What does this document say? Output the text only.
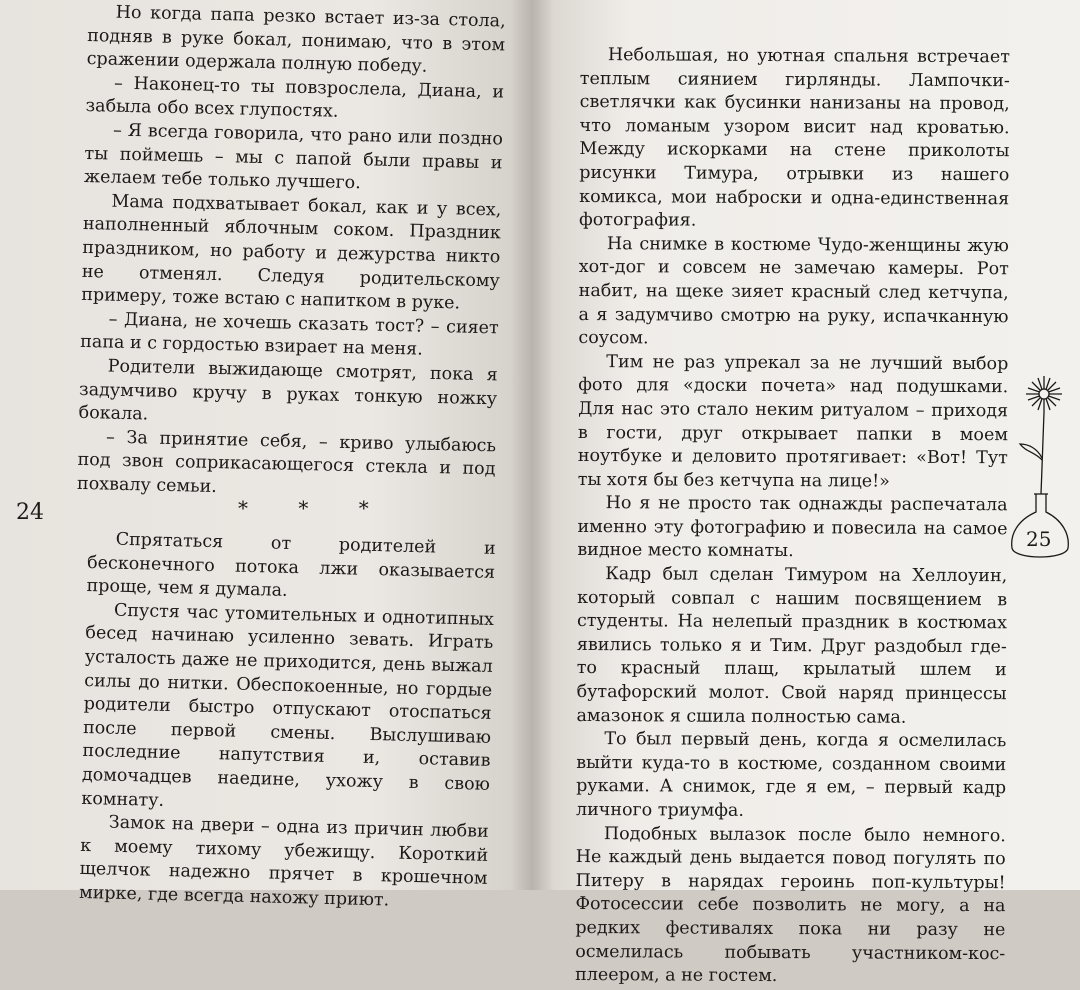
Но когда папа резко встает из-за стола, подняв в руке бокал, понимаю, что в этом сражении одержала полную победу.

– Наконец-то ты повзрослела, Диана, и забыла обо всех глупостях.

– Я всегда говорила, что рано или поздно ты поймешь – мы с папой были правы и желаем тебе только лучшего.

Мама подхватывает бокал, как и у всех, наполненный яблочным соком. Праздник праздником, но работу и дежурства никто не отменял. Следуя родительскому примеру, тоже встаю с напитком в руке.

– Диана, не хочешь сказать тост? – сияет папа и с гордостью взирает на меня.

Родители выжидающе смотрят, пока я задумчиво кручу в руках тонкую ножку бокала.

– За принятие себя, – криво улыбаюсь под звон соприкасающегося стекла и под похвалу семьи.

* * *
24

Спрятаться от родителей и бесконечного потока лжи оказывается проще, чем я думала.

Спустя час утомительных и однотипных бесед начинаю усиленно зевать. Играть усталость даже не приходится, день выжал силы до нитки. Обеспокоенные, но гордые родители быстро отпускают отоспаться после первой смены. Выслушиваю последние напутствия и, оставив домочадцев наедине, ухожу в свою комнату.

Замок на двери – одна из причин любви к моему тихому убежищу. Короткий щелчок надежно прячет в крошечном мирке, где всегда нахожу приют.

Небольшая, но уютная спальня встречает теплым сиянием гирлянды. Лампочки-светлячки как бусинки нанизаны на провод, что ломаным узором висит над кроватью. Между искорками на стене приколоты рисунки Тимура, отрывки из нашего комикса, мои наброски и одна-единственная фотография.

На снимке в костюме Чудо-женщины жую хот-дог и совсем не замечаю камеры. Рот набит, на щеке зияет красный след кетчупа, а я задумчиво смотрю на руку, испачканную соусом.

Тим не раз упрекал за не лучший выбор фото для «доски почета» над подушками. Для нас это стало неким ритуалом – приходя в гости, друг открывает папки в моем ноутбуке и деловито протягивает: «Вот! Тут ты хотя бы без кетчупа на лице!»

Но я не просто так однажды распечатала именно эту фотографию и повесила на самое видное место комнаты.

Кадр был сделан Тимуром на Хеллоуин, который совпал с нашим посвящением в студенты. На нелепый праздник в костюмах явились только я и Тим. Друг раздобыл где-то красный плащ, крылатый шлем и бутафорский молот. Свой наряд принцессы амазонок я сшила полностью сама.

То был первый день, когда я осмелилась выйти куда-то в костюме, созданном своими руками. А снимок, где я ем, – первый кадр личного триумфа.

Подобных вылазок после было немного. Не каждый день выдается повод погулять по Питеру в нарядах героинь поп-культуры! Фотосессии себе позволить не могу, а на редких фестивалях пока ни разу не осмелилась побывать участником-косплеером, а не гостем.

25
